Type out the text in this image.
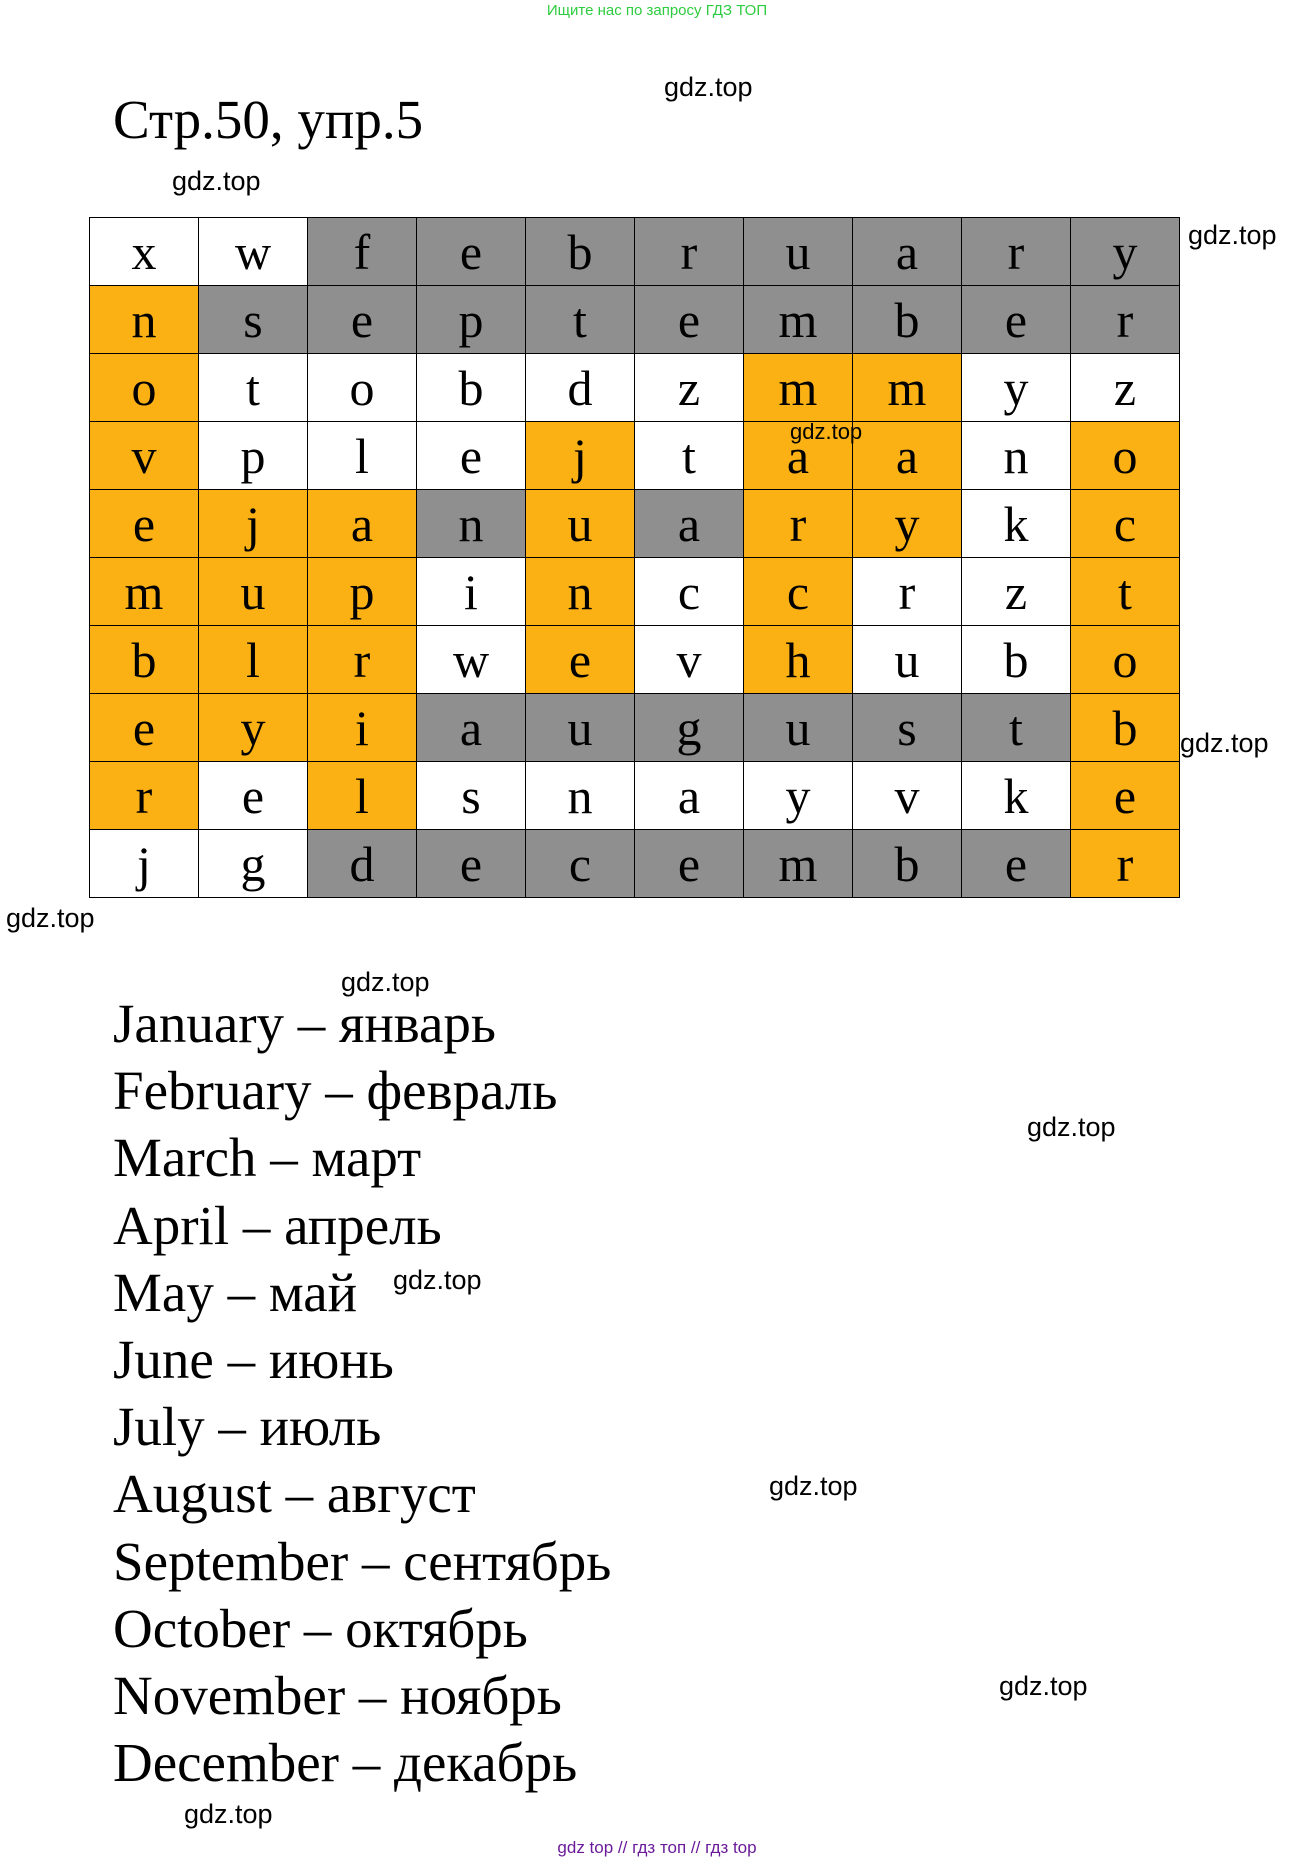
Ищите нас по запросу ГДЗ ТОП
Стр.50, упр.5
x	w	f	e	b	r	u	a	r	y
n	s	e	p	t	e	m	b	e	r
o	t	o	b	d	z	m	m	y	z
v	p	l	e	j	t	a	a	n	o
e	j	a	n	u	a	r	y	k	c
m	u	p	i	n	c	c	r	z	t
b	l	r	w	e	v	h	u	b	o
e	y	i	a	u	g	u	s	t	b
r	e	l	s	n	a	y	v	k	e
j	g	d	e	c	e	m	b	e	r
January – январь
February – февраль
March – март
April – апрель
May – май
June – июнь
July – июль
August – август
September – сентябрь
October – октябрь
November – ноябрь
December – декабрь
gdz.top
gdz.top
gdz.top
gdz.top
gdz.top
gdz.top
gdz.top
gdz.top
gdz.top
gdz.top
gdz.top
gdz.top
gdz top // гдз топ // гдз top
